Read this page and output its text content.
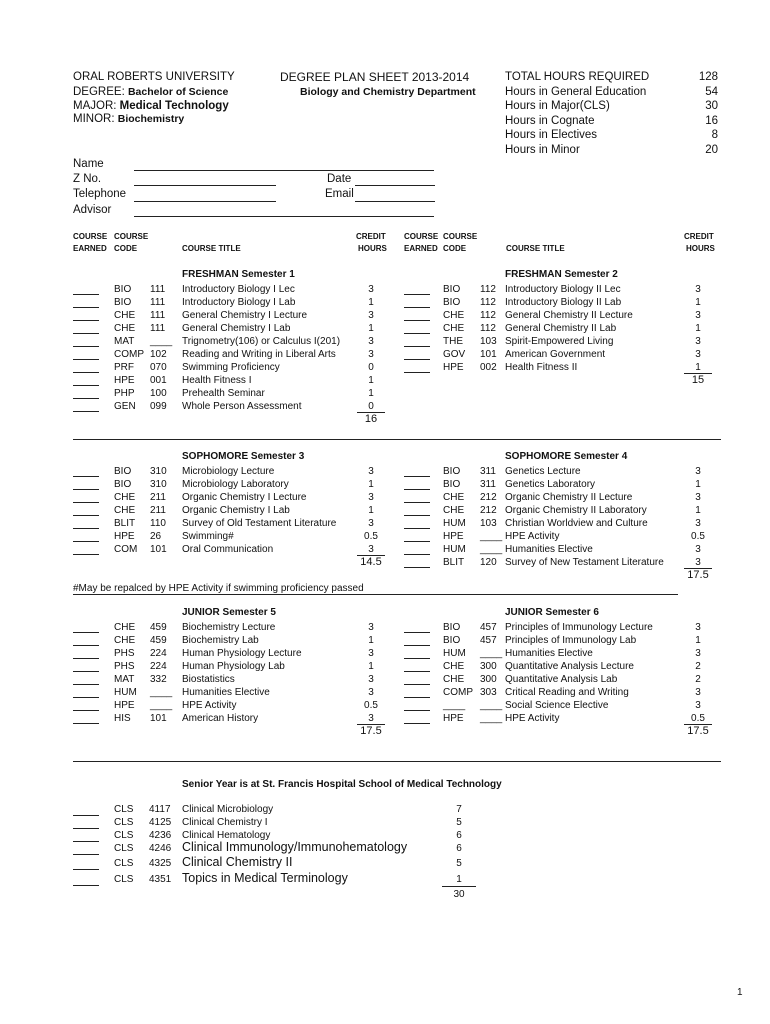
ORAL ROBERTS UNIVERSITY
DEGREE: Bachelor of Science
MAJOR: Medical Technology
MINOR: Biochemistry
DEGREE PLAN SHEET 2013-2014
Biology and Chemistry Department
TOTAL HOURS REQUIRED	128
Hours in General Education	54
Hours in Major(CLS)	30
Hours in Cognate	16
Hours in Electives	8
Hours in Minor	20
Name
Z No.	Date
Telephone	Email
Advisor
COURSE
EARNED
COURSE
CODE	COURSE TITLE
CREDIT
HOURS
COURSE
EARNED
COURSE
CODE	COURSE TITLE
CREDIT
HOURS
FRESHMAN Semester 1
BIO 111 Introductory Biology I Lec	3
BIO 111 Introductory Biology I Lab	1
CHE 111 General Chemistry I Lecture	3
CHE 111 General Chemistry I Lab	1
MAT ____ Trignometry(106) or Calculus I(201)	3
COMP 102 Reading and Writing in Liberal Arts	3
PRF 070 Swimming Proficiency	0
HPE 001 Health Fitness I	1
PHP 100 Prehealth Seminar	1
GEN 099 Whole Person Assessment	0
16
FRESHMAN Semester 2
BIO 112 Introductory Biology II Lec	3
BIO 112 Introductory Biology II Lab	1
CHE 112 General Chemistry II Lecture	3
CHE 112 General Chemistry II Lab	1
THE 103 Spirit-Empowered Living	3
GOV 101 American Government	3
HPE 002 Health Fitness II	1
15
SOPHOMORE Semester 3
BIO 310 Microbiology Lecture	3
BIO 310 Microbiology Laboratory	1
CHE 211 Organic Chemistry I Lecture	3
CHE 211 Organic Chemistry I Lab	1
BLIT 110 Survey of Old Testament Literature	3
HPE 26 Swimming#	0.5
COM 101 Oral Communication	3
14.5
SOPHOMORE Semester 4
BIO 311 Genetics Lecture	3
BIO 311 Genetics Laboratory	1
CHE 212 Organic Chemistry II Lecture	3
CHE 212 Organic Chemistry II Laboratory	1
HUM 103 Christian Worldview and Culture	3
HPE ____ HPE Activity	0.5
HUM ____ Humanities Elective	3
BLIT 120 Survey of New Testament Literature	3
17.5
#May be repalced by HPE Activity if swimming proficiency passed
JUNIOR Semester 5
CHE 459 Biochemistry Lecture	3
CHE 459 Biochemistry Lab	1
PHS 224 Human Physiology Lecture	3
PHS 224 Human Physiology Lab	1
MAT 332 Biostatistics	3
HUM ____ Humanities Elective	3
HPE ____ HPE Activity	0.5
HIS 101 American History	3
17.5
JUNIOR Semester 6
BIO 457 Principles of Immunology Lecture	3
BIO 457 Principles of Immunology Lab	1
HUM ____ Humanities Elective	3
CHE 300 Quantitative Analysis Lecture	2
CHE 300 Quantitative Analysis Lab	2
COMP 303 Critical Reading and Writing	3
____ ____ Social Science Elective	3
HPE ____ HPE Activity	0.5
17.5
Senior Year is at St. Francis Hospital School of Medical Technology
CLS 4117 Clinical Microbiology	7
CLS 4125 Clinical Chemistry I	5
CLS 4236 Clinical Hematology	6
CLS 4246 Clinical Immunology/Immunohematology	6
CLS 4325 Clinical Chemistry II	5
CLS 4351 Topics in Medical Terminology	1
30
1
